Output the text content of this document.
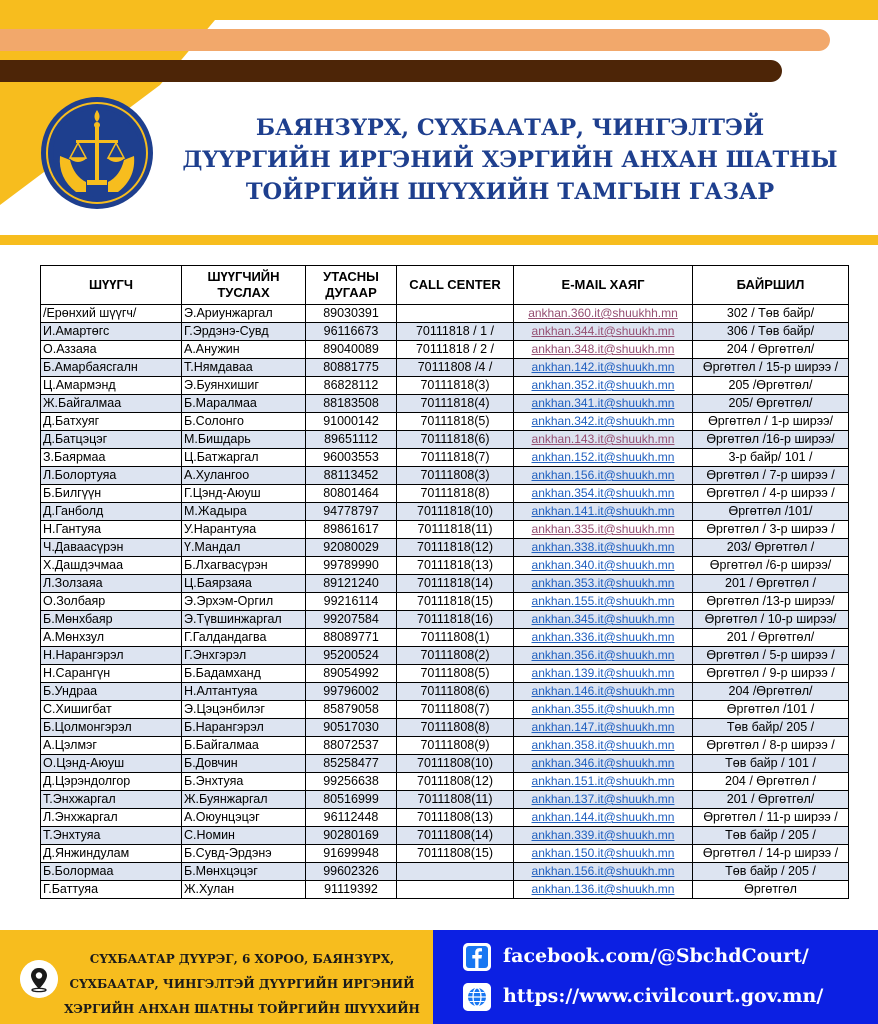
БАЯНЗҮРХ, СҮХБААТАР, ЧИНГЭЛТЭЙ
ДҮҮРГИЙН ИРГЭНИЙ ХЭРГИЙН АНХАН ШАТНЫ
ТОЙРГИЙН ШҮҮХИЙН ТАМГЫН ГАЗАР
ШҮҮГЧ	ШҮҮГЧИЙН ТУСЛАХ	УТАСНЫ ДУГААР	CALL CENTER	E-MAIL ХАЯГ	БАЙРШИЛ
/Ерөнхий шүүгч/	Э.Ариунжаргал	89030391		ankhan.360.it@shuukhh.mn	302 / Төв байр/
И.Амартөгс	Г.Эрдэнэ-Сувд	96116673	70111818 / 1 /	ankhan.344.it@shuukh.mn	306 / Төв байр/
О.Аззаяа	А.Анужин	89040089	70111818 / 2 /	ankhan.348.it@shuukh.mn	204 / Өргөтгөл/
Б.Амарбаясгалн	Т.Нямдаваа	80881775	70111808 /4 /	ankhan.142.it@shuukh.mn	Өргөтгөл / 15-р ширээ /
Ц.Амармэнд	Э.Буянхишиг	86828112	70111818(3)	ankhan.352.it@shuukh.mn	205 /Өргөтгөл/
Ж.Байгалмаа	Б.Маралмаа	88183508	70111818(4)	ankhan.341.it@shuukh.mn	205/ Өргөтгөл/
Д.Батхуяг	Б.Солонго	91000142	70111818(5)	ankhan.342.it@shuukh.mn	Өргөтгөл / 1-р ширээ/
Д.Батцэцэг	М.Бишдарь	89651112	70111818(6)	ankhan.143.it@shuukh.mn	Өргөтгөл /16-р ширээ/
З.Баярмаа	Ц.Батжаргал	96003553	70111818(7)	ankhan.152.it@shuukh.mn	3-р байр/ 101 /
Л.Болортуяа	А.Хулангоо	88113452	70111808(3)	ankhan.156.it@shuukh.mn	Өргөтгөл / 7-р ширээ /
Б.Билгүүн	Г.Цэнд-Аюуш	80801464	70111818(8)	ankhan.354.it@shuukh.mn	Өргөтгөл / 4-р ширээ /
Д.Ганболд	М.Жадыра	94778797	70111818(10)	ankhan.141.it@shuukh.mn	Өргөтгөл /101/
Н.Гантуяа	У.Нарантуяа	89861617	70111818(11)	ankhan.335.it@shuukh.mn	Өргөтгөл / 3-р ширээ /
Ч.Даваасүрэн	Ү.Мандал	92080029	70111818(12)	ankhan.338.it@shuukh.mn	203/ Өргөтгөл /
Х.Дашдэчмаа	Б.Лхагвасүрэн	99789990	70111818(13)	ankhan.340.it@shuukh.mn	Өргөтгөл /6-р ширээ/
Л.Золзаяа	Ц.Баярзаяа	89121240	70111818(14)	ankhan.353.it@shuukh.mn	201 / Өргөтгөл /
О.Золбаяр	Э.Эрхэм-Оргил	99216114	70111818(15)	ankhan.155.it@shuukh.mn	Өргөтгөл /13-р ширээ/
Б.Мөнхбаяр	Э.Түвшинжаргал	99207584	70111818(16)	ankhan.345.it@shuukh.mn	Өргөтгөл / 10-р ширээ/
А.Мөнхзул	Г.Галдандагва	88089771	70111808(1)	ankhan.336.it@shuukh.mn	201 / Өргөтгөл/
Н.Нарангэрэл	Г.Энхгэрэл	95200524	70111808(2)	ankhan.356.it@shuukh.mn	Өргөтгөл / 5-р ширээ /
Н.Сарангүн	Б.Бадамханд	89054992	70111808(5)	ankhan.139.it@shuukh.mn	Өргөтгөл / 9-р ширээ /
Б.Ундраа	Н.Алтантуяа	99796002	70111808(6)	ankhan.146.it@shuukh.mn	204 /Өргөтгөл/
С.Хишигбат	Э.Цэцэнбилэг	85879058	70111808(7)	ankhan.355.it@shuukh.mn	Өргөтгөл /101 /
Б.Цолмонгэрэл	Б.Нарангэрэл	90517030	70111808(8)	ankhan.147.it@shuukh.mn	Төв байр/ 205 /
А.Цэлмэг	Б.Байгалмаа	88072537	70111808(9)	ankhan.358.it@shuukh.mn	Өргөтгөл / 8-р ширээ /
О.Цэнд-Аюуш	Б.Довчин	85258477	70111808(10)	ankhan.346.it@shuukh.mn	Төв байр / 101 /
Д.Цэрэндолгор	Б.Энхтуяа	99256638	70111808(12)	ankhan.151.it@shuukh.mn	204 / Өргөтгөл /
Т.Энхжаргал	Ж.Буянжаргал	80516999	70111808(11)	ankhan.137.it@shuukh.mn	201 / Өргөтгөл/
Л.Энхжаргал	А.Оюунцэцэг	96112448	70111808(13)	ankhan.144.it@shuukh.mn	Өргөтгөл / 11-р ширээ /
Т.Энхтуяа	С.Номин	90280169	70111808(14)	ankhan.339.it@shuukh.mn	Төв байр / 205 /
Д.Янжиндулам	Б.Сувд-Эрдэнэ	91699948	70111808(15)	ankhan.150.it@shuukh.mn	Өргөтгөл / 14-р ширээ /
Б.Болормаа	Б.Мөнхцэцэг	99602326		ankhan.156.it@shuukh.mn	Төв байр / 205 /
Г.Баттуяа	Ж.Хулан	91119392		ankhan.136.it@shuukh.mn	Өргөтгөл
СҮХБААТАР ДҮҮРЭГ, 6 ХОРОО, БАЯНЗҮРХ,
СҮХБААТАР, ЧИНГЭЛТЭЙ ДҮҮРГИЙН ИРГЭНИЙ
ХЭРГИЙН АНХАН ШАТНЫ ТОЙРГИЙН ШҮҮХИЙН
facebook.com/@SbchdCourt/
https://www.civilcourt.gov.mn/
